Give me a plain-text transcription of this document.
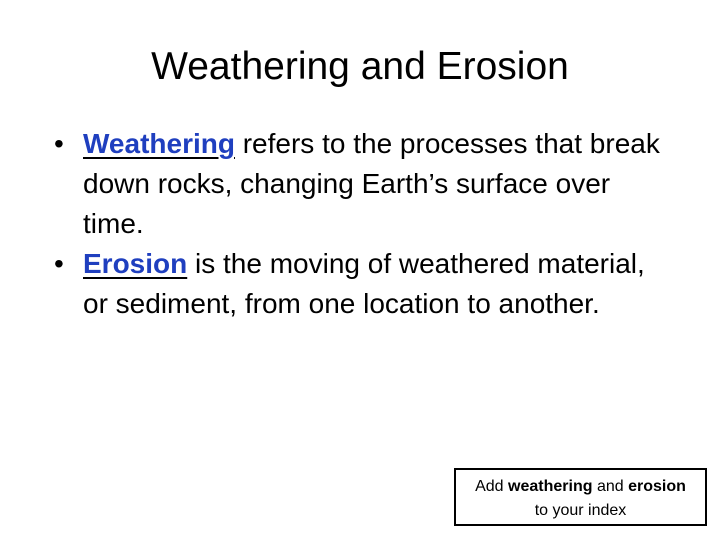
Weathering and Erosion
• Weathering refers to the processes that break down rocks, changing Earth’s surface over time.
• Erosion is the moving of weathered material, or sediment, from one location to another.
Add weathering and erosion
to your index
